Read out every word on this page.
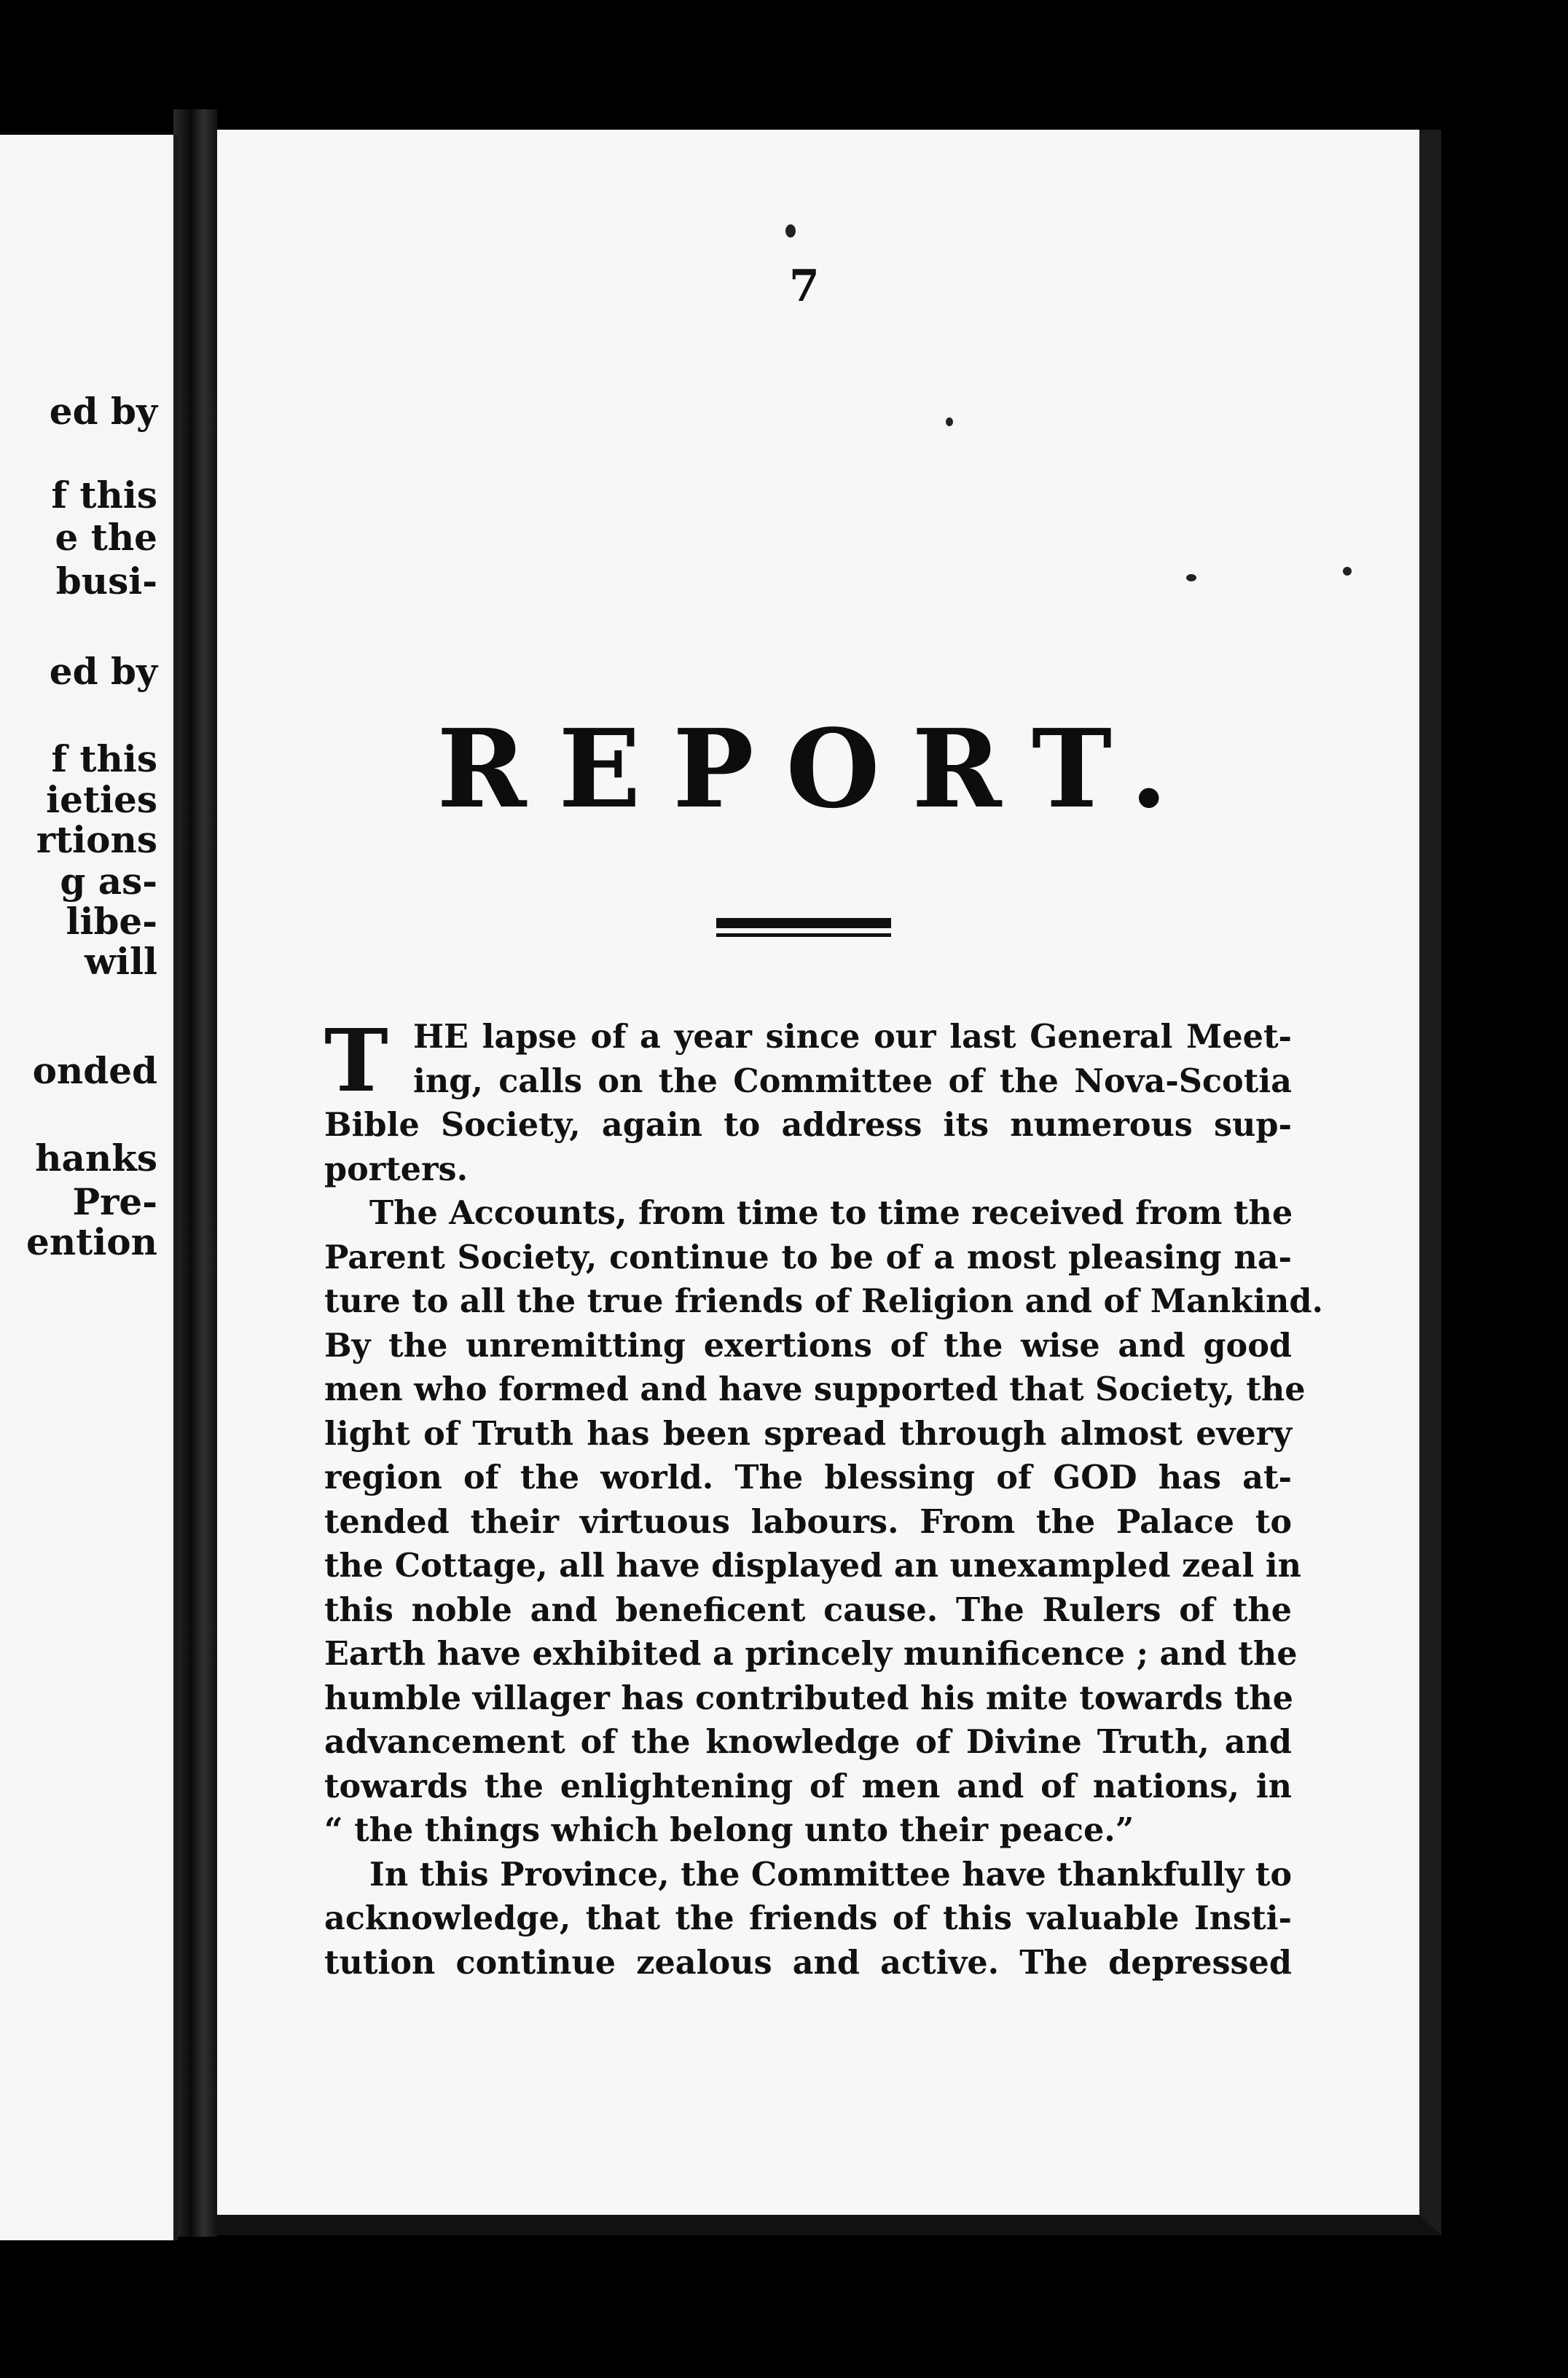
ed by
f this
e the
busi-
ed by
f this
ieties
rtions
g as-
libe-
will
onded
hanks
Pre-
ention
7
REPORT.
T HE lapse of a year since our last General Meet-
ing, calls on the Committee of the Nova-Scotia
Bible Society, again to address its numerous sup-
porters.
The Accounts, from time to time received from the
Parent Society, continue to be of a most pleasing na-
ture to all the true friends of Religion and of Mankind.
By the unremitting exertions of the wise and good
men who formed and have supported that Society, the
light of Truth has been spread through almost every
region of the world. The blessing of GOD has at-
tended their virtuous labours. From the Palace to
the Cottage, all have displayed an unexampled zeal in
this noble and beneficent cause. The Rulers of the
Earth have exhibited a princely munificence ; and the
humble villager has contributed his mite towards the
advancement of the knowledge of Divine Truth, and
towards the enlightening of men and of nations, in
“ the things which belong unto their peace.”
In this Province, the Committee have thankfully to
acknowledge, that the friends of this valuable Insti-
tution continue zealous and active. The depressed
